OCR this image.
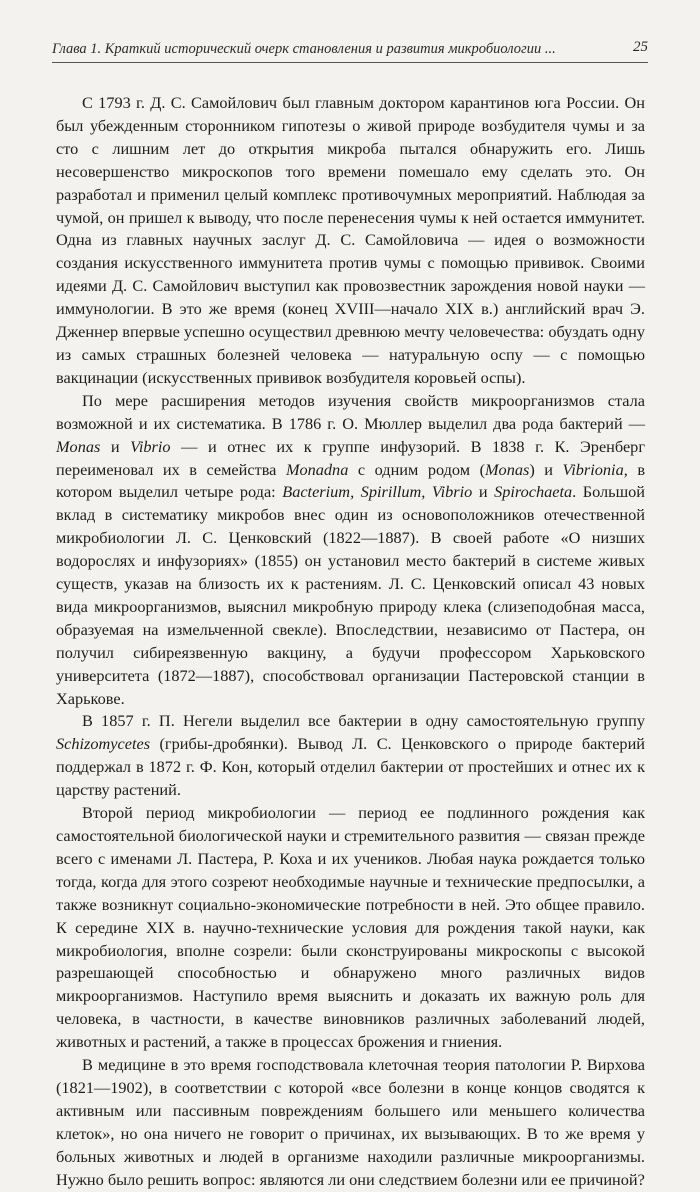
Глава 1. Краткий исторический очерк становления и развития микробиологии ...	25

С 1793 г. Д. С. Самойлович был главным доктором карантинов юга России. Он был убежденным сторонником гипотезы о живой природе возбудителя чумы и за сто с лишним лет до открытия микроба пытался обнаружить его. Лишь несовершенство микроскопов того времени помешало ему сделать это. Он разработал и применил целый комплекс противочумных мероприятий. Наблюдая за чумой, он пришел к выводу, что после перенесения чумы к ней остается иммунитет. Одна из главных научных заслуг Д. С. Самойловича — идея о возможности создания искусственного иммунитета против чумы с помощью прививок. Своими идеями Д. С. Самойлович выступил как провозвестник зарождения новой науки — иммунологии. В это же время (конец XVIII—начало XIX в.) английский врач Э. Дженнер впервые успешно осуществил древнюю мечту человечества: обуздать одну из самых страшных болезней человека — натуральную оспу — с помощью вакцинации (искусственных прививок возбудителя коровьей оспы).

По мере расширения методов изучения свойств микроорганизмов стала возможной и их систематика. В 1786 г. О. Мюллер выделил два рода бактерий — Monas и Vibrio — и отнес их к группе инфузорий. В 1838 г. К. Эренберг переименовал их в семейства Monadna с одним родом (Monas) и Vibrionia, в котором выделил четыре рода: Bacterium, Spirillum, Vibrio и Spirochaeta. Большой вклад в систематику микробов внес один из основоположников отечественной микробиологии Л. С. Ценковский (1822—1887). В своей работе «О низших водорослях и инфузориях» (1855) он установил место бактерий в системе живых существ, указав на близость их к растениям. Л. С. Ценковский описал 43 новых вида микроорганизмов, выяснил микробную природу клека (слизеподобная масса, образуемая на измельченной свекле). Впоследствии, независимо от Пастера, он получил сибиреязвенную вакцину, а будучи профессором Харьковского университета (1872—1887), способствовал организации Пастеровской станции в Харькове.

В 1857 г. П. Негели выделил все бактерии в одну самостоятельную группу Schizomycetes (грибы-дробянки). Вывод Л. С. Ценковского о природе бактерий поддержал в 1872 г. Ф. Кон, который отделил бактерии от простейших и отнес их к царству растений.

Второй период микробиологии — период ее подлинного рождения как самостоятельной биологической науки и стремительного развития — связан прежде всего с именами Л. Пастера, Р. Коха и их учеников. Любая наука рождается только тогда, когда для этого созреют необходимые научные и технические предпосылки, а также возникнут социально-экономические потребности в ней. Это общее правило. К середине XIX в. научно-технические условия для рождения такой науки, как микробиология, вполне созрели: были сконструированы микроскопы с высокой разрешающей способностью и обнаружено много различных видов микроорганизмов. Наступило время выяснить и доказать их важную роль для человека, в частности, в качестве виновников различных заболеваний людей, животных и растений, а также в процессах брожения и гниения.

В медицине в это время господствовала клеточная теория патологии Р. Вирхова (1821—1902), в соответствии с которой «все болезни в конце концов сводятся к активным или пассивным повреждениям большего или меньшего количества клеток», но она ничего не говорит о причинах, их вызывающих. В то же время у больных животных и людей в организме находили различные микроорганизмы. Нужно было решить вопрос: являются ли они следствием болезни или ее причиной?
